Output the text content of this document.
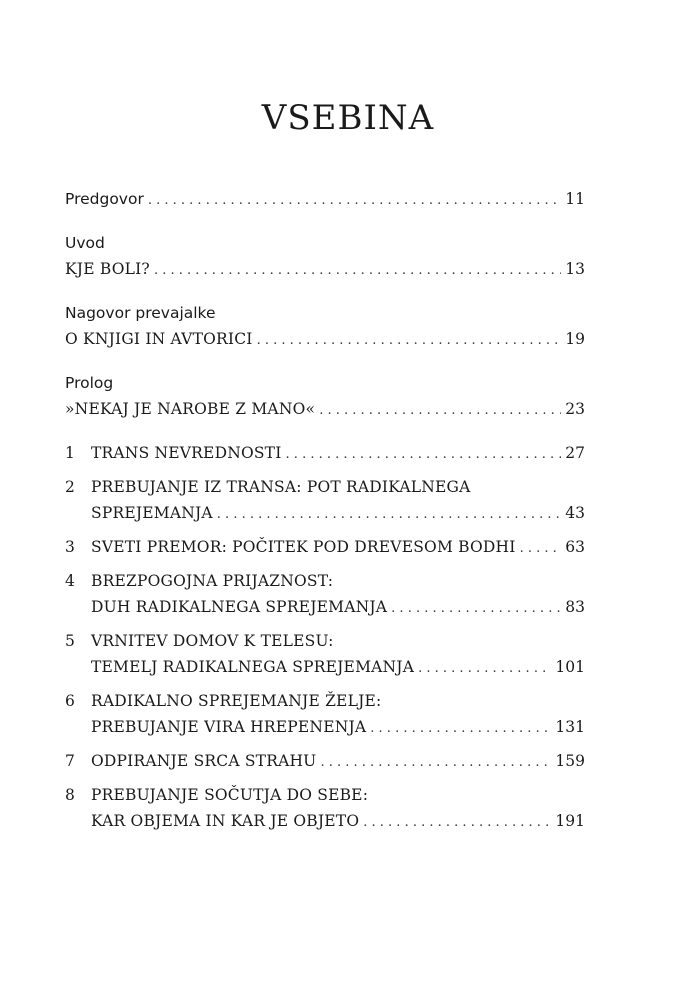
VSEBINA
Predgovor . . .	11
Uvod
KJE BOLI? . . .	13
Nagovor prevajalke
O KNJIGI IN AVTORICI . . .	19
Prolog
»NEKAJ JE NAROBE Z MANO« . . .	23
1	TRANS NEVREDNOSTI . . .	27
2	PREBUJANJE IZ TRANSA: POT RADIKALNEGA
SPREJEMANJA . . .	43
3	SVETI PREMOR: POČITEK POD DREVESOM BODHI . . .	63
4	BREZPOGOJNA PRIJAZNOST:
DUH RADIKALNEGA SPREJEMANJA . . .	83
5	VRNITEV DOMOV K TELESU:
TEMELJ RADIKALNEGA SPREJEMANJA . . .	101
6	RADIKALNO SPREJEMANJE ŽELJE:
PREBUJANJE VIRA HREPENENJA . . .	131
7	ODPIRANJE SRCA STRAHU . . .	159
8	PREBUJANJE SOČUTJA DO SEBE:
KAR OBJEMA IN KAR JE OBJETO . . .	191
